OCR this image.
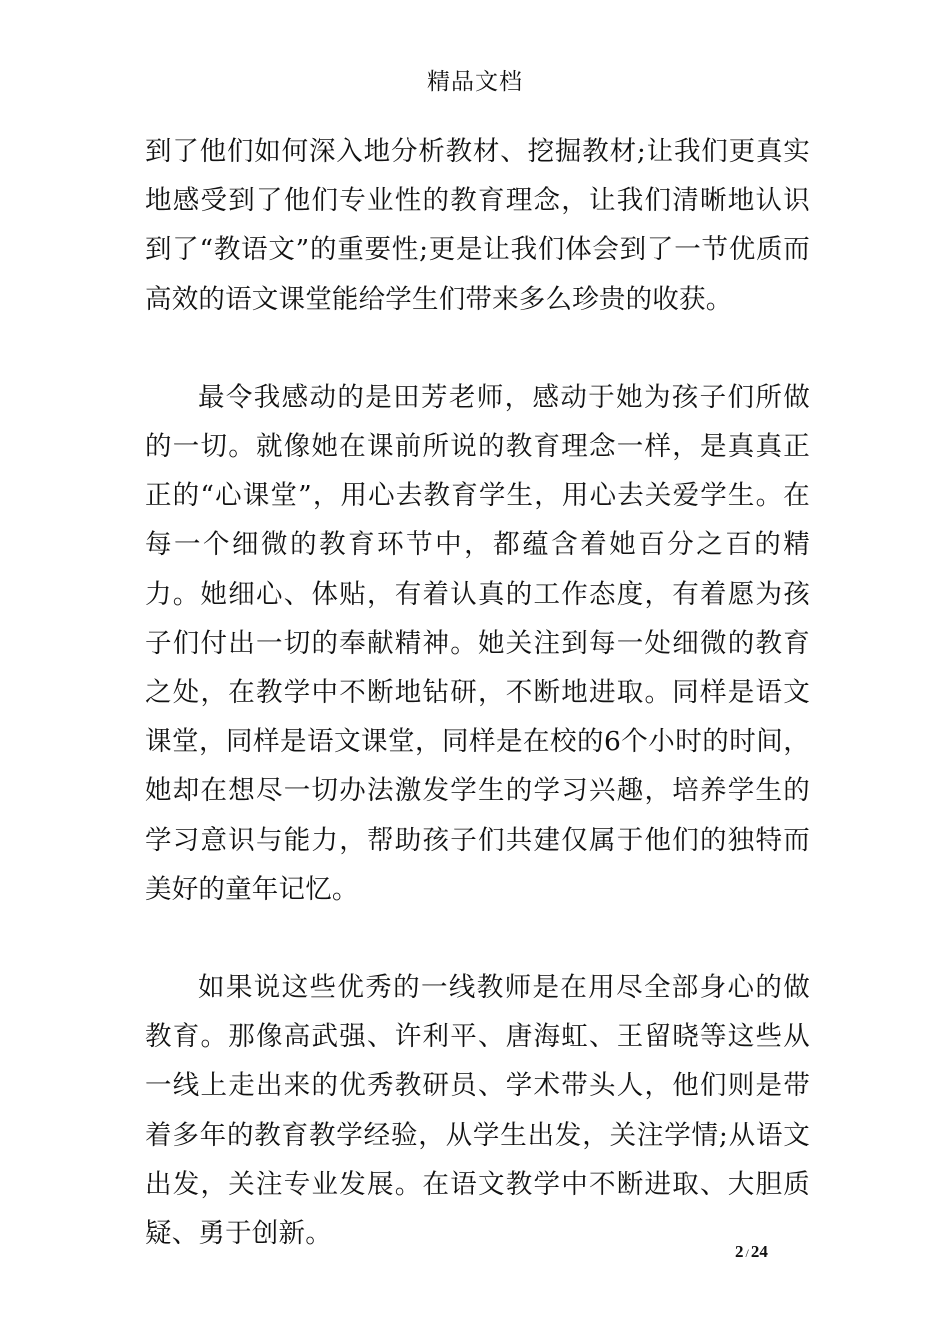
精品文档

到了他们如何深入地分析教材、挖掘教材;让我们更真实地感受到了他们专业性的教育理念，让我们清晰地认识到了“教语文”的重要性;更是让我们体会到了一节优质而高效的语文课堂能给学生们带来多么珍贵的收获。

最令我感动的是田芳老师，感动于她为孩子们所做的一切。就像她在课前所说的教育理念一样，是真真正正的“心课堂”，用心去教育学生，用心去关爱学生。在每一个细微的教育环节中，都蕴含着她百分之百的精力。她细心、体贴，有着认真的工作态度，有着愿为孩子们付出一切的奉献精神。她关注到每一处细微的教育之处，在教学中不断地钻研，不断地进取。同样是语文课堂，同样是语文课堂，同样是在校的6个小时的时间，她却在想尽一切办法激发学生的学习兴趣，培养学生的学习意识与能力，帮助孩子们共建仅属于他们的独特而美好的童年记忆。

如果说这些优秀的一线教师是在用尽全部身心的做教育。那像高武强、许利平、唐海虹、王留晓等这些从一线上走出来的优秀教研员、学术带头人，他们则是带着多年的教育教学经验，从学生出发，关注学情;从语文出发，关注专业发展。在语文教学中不断进取、大胆质疑、勇于创新。

2 / 24
